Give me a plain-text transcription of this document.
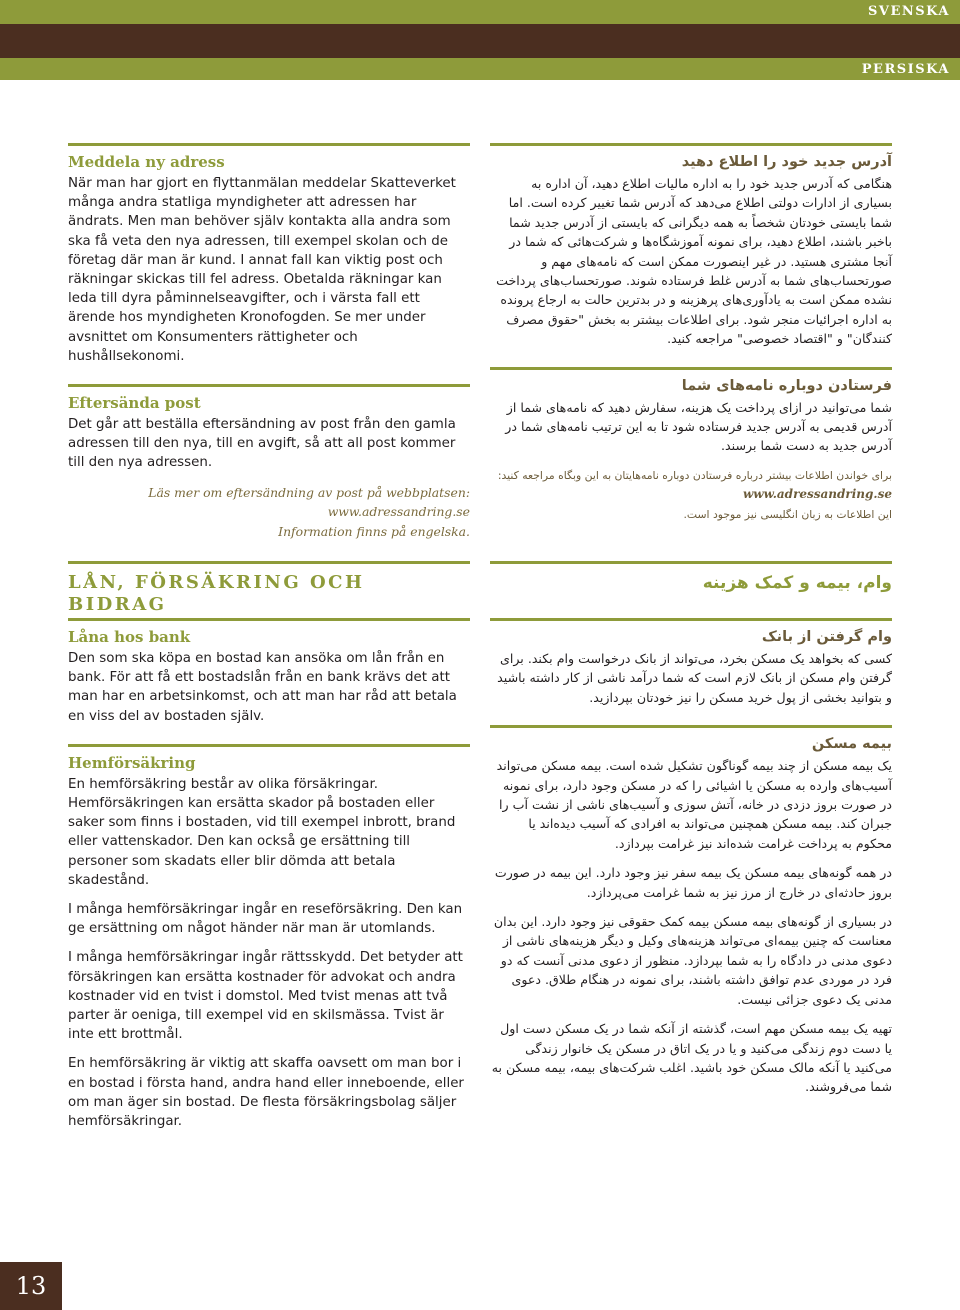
SVENSKA
PERSISKA
Meddela ny adress

När man har gjort en flyttanmälan meddelar Skatteverket många andra statliga myndigheter att adressen har ändrats. Men man behöver själv kontakta alla andra som ska få veta den nya adressen, till exempel skolan och de företag där man är kund. I annat fall kan viktig post och räkningar skickas till fel adress. Obetalda räkningar kan leda till dyra påminnelseavgifter, och i värsta fall ett ärende hos myndigheten Kronofogden. Se mer under avsnittet om Konsumenters rättigheter och hushållsekonomi.

Eftersända post

Det går att beställa eftersändning av post från den gamla adressen till den nya, till en avgift, så att all post kommer till den nya adressen.

Läs mer om eftersändning av post på webbplatsen:

www.adressandring.se

Information finns på engelska.

آدرس جدید خود را اطلاع دهید

هنگامی که آدرس جدید خود را به اداره مالیات اطلاع دهید، آن اداره به بسیاری از ادارات دولتی اطلاع می‌دهد که آدرس شما تغییر کرده است. اما شما بایستی خودتان شخصاً به همه دیگرانی که بایستی از آدرس جدید شما باخبر باشند، اطلاع دهید، برای نمونه آموزشگاه‌ها و شرکت‌هائی که شما در آنجا مشتری هستید. در غیر اینصورت ممکن است که نامه‌های مهم و صورتحساب‌های شما به آدرس غلط فرستاده شوند. صورتحساب‌های پرداخت نشده ممکن است به یادآوری‌های پرهزینه و در بدترین حالت به ارجاع پرونده به اداره اجرائیات منجر شود. برای اطلاعات بیشتر به بخش "حقوق مصرف کنندگان" و "اقتصاد خصوصی" مراجعه کنید.

فرستادن دوباره نامه‌های شما

شما می‌توانید در ازای پرداخت یک هزینه، سفارش دهید که نامه‌های شما از آدرس قدیمی به آدرس جدید فرستاده شود تا به این ترتیب نامه‌های شما در آدرس جدید به دست شما برسند.

برای خواندن اطلاعات بیشتر درباره فرستادن دوباره نامه‌هایتان به این وبگاه مراجعه کنید:

www.adressandring.se

این اطلاعات به زبان انگلیسی نیز موجود است.

LÅN, FÖRSÄKRING OCH BIDRAG
وام، بیمه و کمک هزینه
Låna hos bank

Den som ska köpa en bostad kan ansöka om lån från en bank. För att få ett bostadslån från en bank krävs det att man har en arbetsinkomst, och att man har råd att betala en viss del av bostaden själv.

Hemförsäkring

En hemförsäkring består av olika försäkringar. Hemförsäkringen kan ersätta skador på bostaden eller saker som finns i bostaden, vid till exempel inbrott, brand eller vattenskador. Den kan också ge ersättning till personer som skadats eller blir dömda att betala skadestånd.

I många hemförsäkringar ingår en reseförsäkring. Den kan ge ersättning om något händer när man är utomlands.

I många hemförsäkringar ingår rättsskydd. Det betyder att försäkringen kan ersätta kostnader för advokat och andra kostnader vid en tvist i domstol. Med tvist menas att två parter är oeniga, till exempel vid en skilsmässa. Tvist är inte ett brottmål.

En hemförsäkring är viktig att skaffa oavsett om man bor i en bostad i första hand, andra hand eller inneboende, eller om man äger sin bostad. De flesta försäkringsbolag säljer hemförsäkringar.

وام گرفتن از بانک

کسی که بخواهد یک مسکن بخرد، می‌تواند از بانک درخواست وام بکند. برای گرفتن وام مسکن از بانک لازم است که شما درآمد ناشی از کار داشته باشید و بتوانید بخشی از پول خرید مسکن را نیز خودتان بپردازید.

بیمه مسکن

یک بیمه مسکن از چند بیمه گوناگون تشکیل شده است. بیمه مسکن می‌تواند آسیب‌های وارده به مسکن یا اشیائی را که در مسکن وجود دارد، برای نمونه در صورت بروز دزدی در خانه، آتش سوزی و آسیب‌های ناشی از نشت آب را جبران کند. بیمه مسکن همچنین می‌تواند به افرادی که آسیب دیده‌اند یا محکوم به پرداخت غرامت شده‌اند نیز غرامت بپردازد.

در همه گونه‌های بیمه مسکن یک بیمه سفر نیز وجود دارد. این بیمه در صورت بروز حادثه‌ای در خارج از مرز نیز به شما غرامت می‌پردازد.

در بسیاری از گونه‌های بیمه مسکن بیمه کمک حقوقی نیز وجود دارد. این بدان معناست که چنین بیمه‌ای می‌تواند هزینه‌های وکیل و دیگر هزینه‌های ناشی از دعوی مدنی در دادگاه را به شما بپردازد. منظور از دعوی مدنی آنست که دو فرد در موردی عدم توافق داشته باشند، برای نمونه در هنگام طلاق. دعوی مدنی یک دعوی جزائی نیست.

تهیه یک بیمه مسکن مهم است، گذشته از آنکه شما در یک مسکن دست اول یا دست دوم زندگی می‌کنید و یا در یک اتاق در مسکن یک خانوار زندگی می‌کنید یا آنکه مالک مسکن خود باشید. اغلب شرکت‌های بیمه، بیمه مسکن به شما می‌فروشند.

13
